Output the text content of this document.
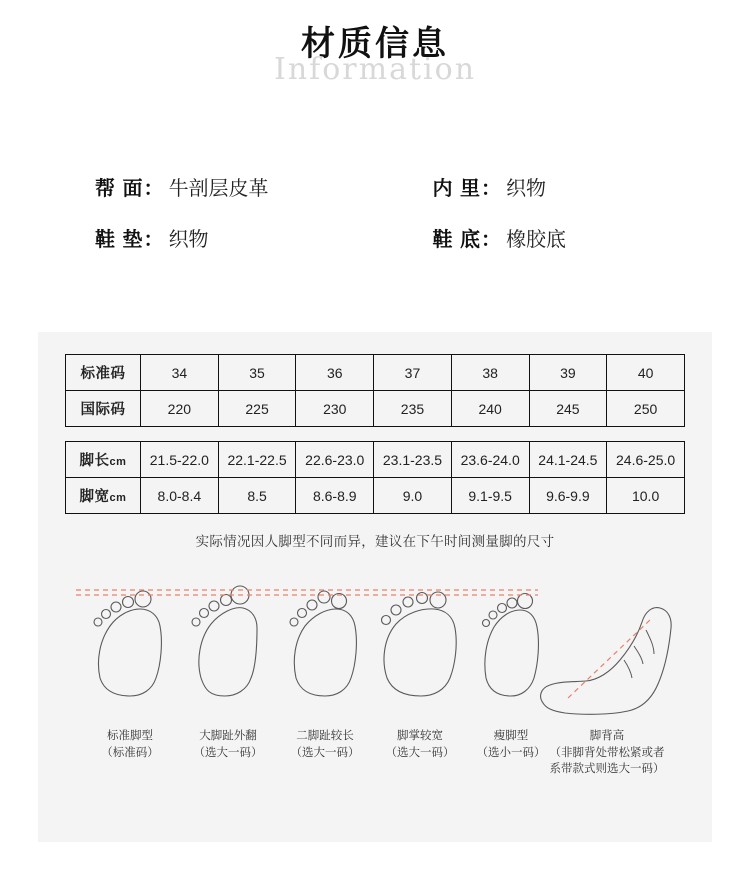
材质信息
Information
帮 面： 牛剖层皮革	内 里： 织物
鞋 垫： 织物	鞋 底： 橡胶底
标准码	34	35	36	37	38	39	40
国际码	220	225	230	235	240	245	250
脚长cm	21.5-22.0	22.1-22.5	22.6-23.0	23.1-23.5	23.6-24.0	24.1-24.5	24.6-25.0
脚宽cm	8.0-8.4	8.5	8.6-8.9	9.0	9.1-9.5	9.6-9.9	10.0
实际情况因人脚型不同而异，建议在下午时间测量脚的尺寸
标准脚型
（标准码）
大脚趾外翻
（选大一码）
二脚趾较长
（选大一码）
脚掌较宽
（选大一码）
瘦脚型
（选小一码）
脚背高
（非脚背处带松紧或者
系带款式则选大一码）
